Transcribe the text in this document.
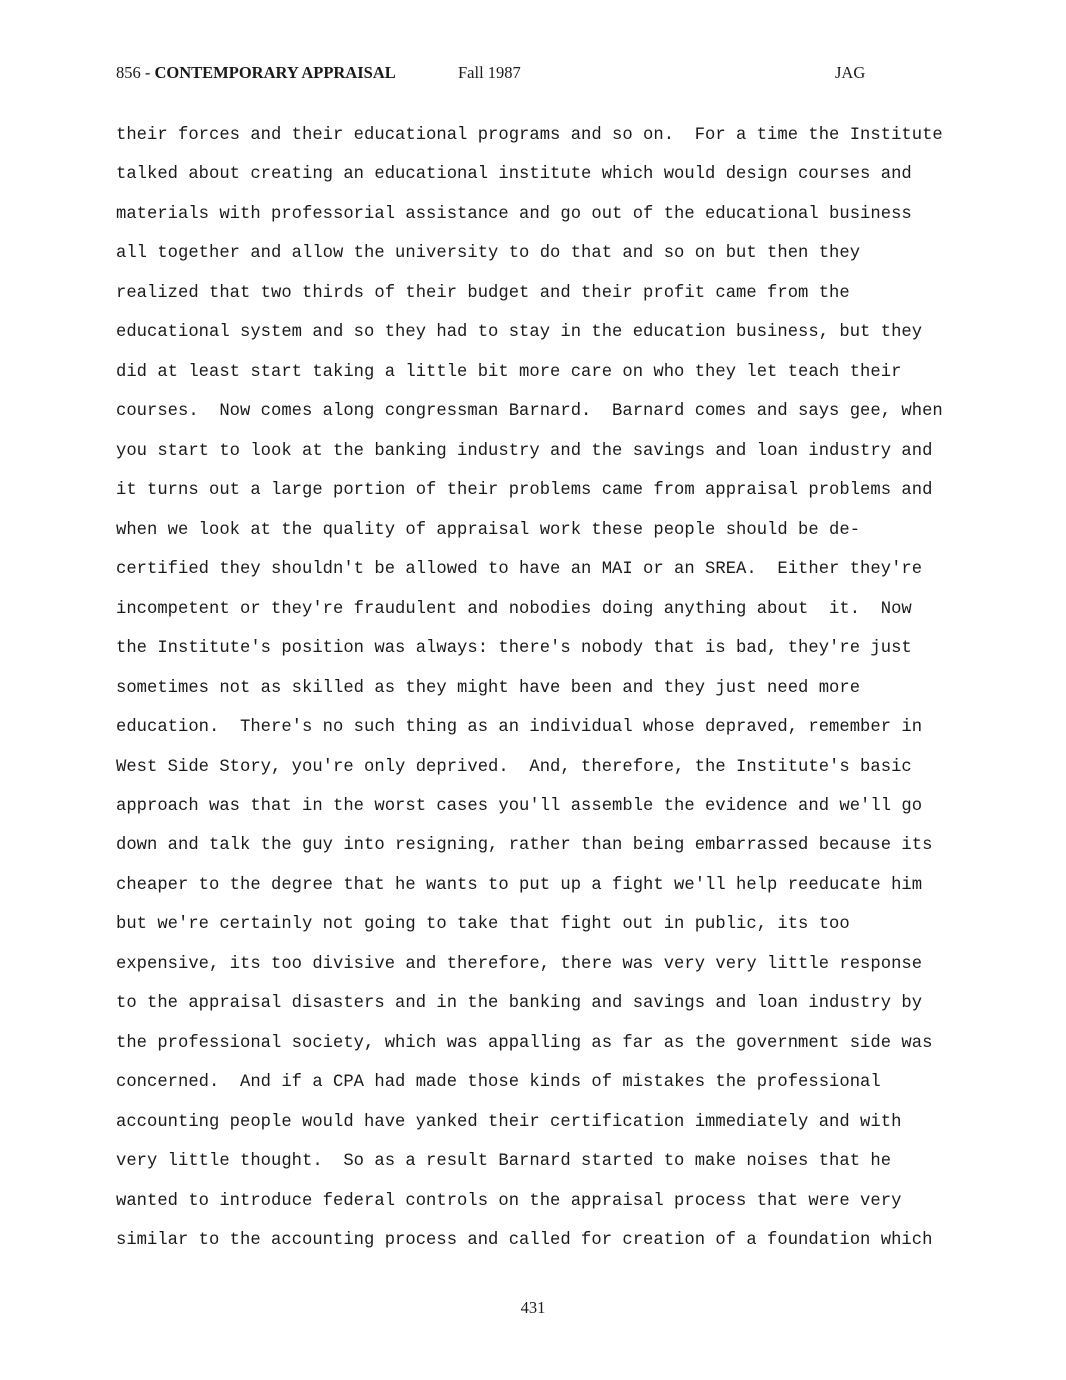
856 - CONTEMPORARY APPRAISAL	Fall 1987	JAG
their forces and their educational programs and so on.  For a time the Institute
talked about creating an educational institute which would design courses and
materials with professorial assistance and go out of the educational business
all together and allow the university to do that and so on but then they
realized that two thirds of their budget and their profit came from the
educational system and so they had to stay in the education business, but they
did at least start taking a little bit more care on who they let teach their
courses.  Now comes along congressman Barnard.  Barnard comes and says gee, when
you start to look at the banking industry and the savings and loan industry and
it turns out a large portion of their problems came from appraisal problems and
when we look at the quality of appraisal work these people should be de-
certified they shouldn't be allowed to have an MAI or an SREA.  Either they're
incompetent or they're fraudulent and nobodies doing anything about  it.  Now
the Institute's position was always: there's nobody that is bad, they're just
sometimes not as skilled as they might have been and they just need more
education.  There's no such thing as an individual whose depraved, remember in
West Side Story, you're only deprived.  And, therefore, the Institute's basic
approach was that in the worst cases you'll assemble the evidence and we'll go
down and talk the guy into resigning, rather than being embarrassed because its
cheaper to the degree that he wants to put up a fight we'll help reeducate him
but we're certainly not going to take that fight out in public, its too
expensive, its too divisive and therefore, there was very very little response
to the appraisal disasters and in the banking and savings and loan industry by
the professional society, which was appalling as far as the government side was
concerned.  And if a CPA had made those kinds of mistakes the professional
accounting people would have yanked their certification immediately and with
very little thought.  So as a result Barnard started to make noises that he
wanted to introduce federal controls on the appraisal process that were very
similar to the accounting process and called for creation of a foundation which
431
